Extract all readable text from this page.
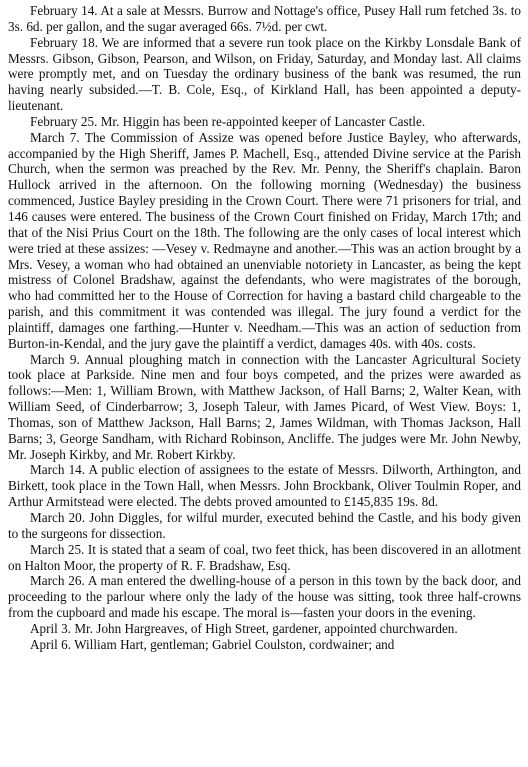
February 14. At a sale at Messrs. Burrow and Nottage's office, Pusey Hall rum fetched 3s. to 3s. 6d. per gallon, and the sugar averaged 66s. 7½d. per cwt.

February 18. We are informed that a severe run took place on the Kirkby Lonsdale Bank of Messrs. Gibson, Gibson, Pearson, and Wilson, on Friday, Saturday, and Monday last. All claims were promptly met, and on Tuesday the ordinary business of the bank was resumed, the run having nearly subsided.—T. B. Cole, Esq., of Kirkland Hall, has been appointed a deputy-lieutenant.

February 25. Mr. Higgin has been re-appointed keeper of Lancaster Castle.

March 7. The Commission of Assize was opened before Justice Bayley, who afterwards, accompanied by the High Sheriff, James P. Machell, Esq., attended Divine service at the Parish Church, when the sermon was preached by the Rev. Mr. Penny, the Sheriff's chaplain. Baron Hullock arrived in the afternoon. On the following morning (Wednesday) the business commenced, Justice Bayley presiding in the Crown Court. There were 71 prisoners for trial, and 146 causes were entered. The business of the Crown Court finished on Friday, March 17th; and that of the Nisi Prius Court on the 18th. The following are the only cases of local interest which were tried at these assizes: —Vesey v. Redmayne and another.—This was an action brought by a Mrs. Vesey, a woman who had obtained an unenviable notoriety in Lancaster, as being the kept mistress of Colonel Bradshaw, against the defendants, who were magistrates of the borough, who had committed her to the House of Correction for having a bastard child chargeable to the parish, and this commitment it was contended was illegal. The jury found a verdict for the plaintiff, damages one farthing.—Hunter v. Needham.—This was an action of seduction from Burton-in-Kendal, and the jury gave the plaintiff a verdict, damages 40s. with 40s. costs.

March 9. Annual ploughing match in connection with the Lancaster Agricultural Society took place at Parkside. Nine men and four boys competed, and the prizes were awarded as follows:—Men: 1, William Brown, with Matthew Jackson, of Hall Barns; 2, Walter Kean, with William Seed, of Cinderbarrow; 3, Joseph Taleur, with James Picard, of West View. Boys: 1, Thomas, son of Matthew Jackson, Hall Barns; 2, James Wildman, with Thomas Jackson, Hall Barns; 3, George Sandham, with Richard Robinson, Ancliffe. The judges were Mr. John Newby, Mr. Joseph Kirkby, and Mr. Robert Kirkby.

March 14. A public election of assignees to the estate of Messrs. Dilworth, Arthington, and Birkett, took place in the Town Hall, when Messrs. John Brockbank, Oliver Toulmin Roper, and Arthur Armitstead were elected. The debts proved amounted to £145,835 19s. 8d.

March 20. John Diggles, for wilful murder, executed behind the Castle, and his body given to the surgeons for dissection.

March 25. It is stated that a seam of coal, two feet thick, has been discovered in an allotment on Halton Moor, the property of R. F. Bradshaw, Esq.

March 26. A man entered the dwelling-house of a person in this town by the back door, and proceeding to the parlour where only the lady of the house was sitting, took three half-crowns from the cupboard and made his escape. The moral is—fasten your doors in the evening.

April 3. Mr. John Hargreaves, of High Street, gardener, appointed churchwarden.

April 6. William Hart, gentleman; Gabriel Coulston, cordwainer; and
